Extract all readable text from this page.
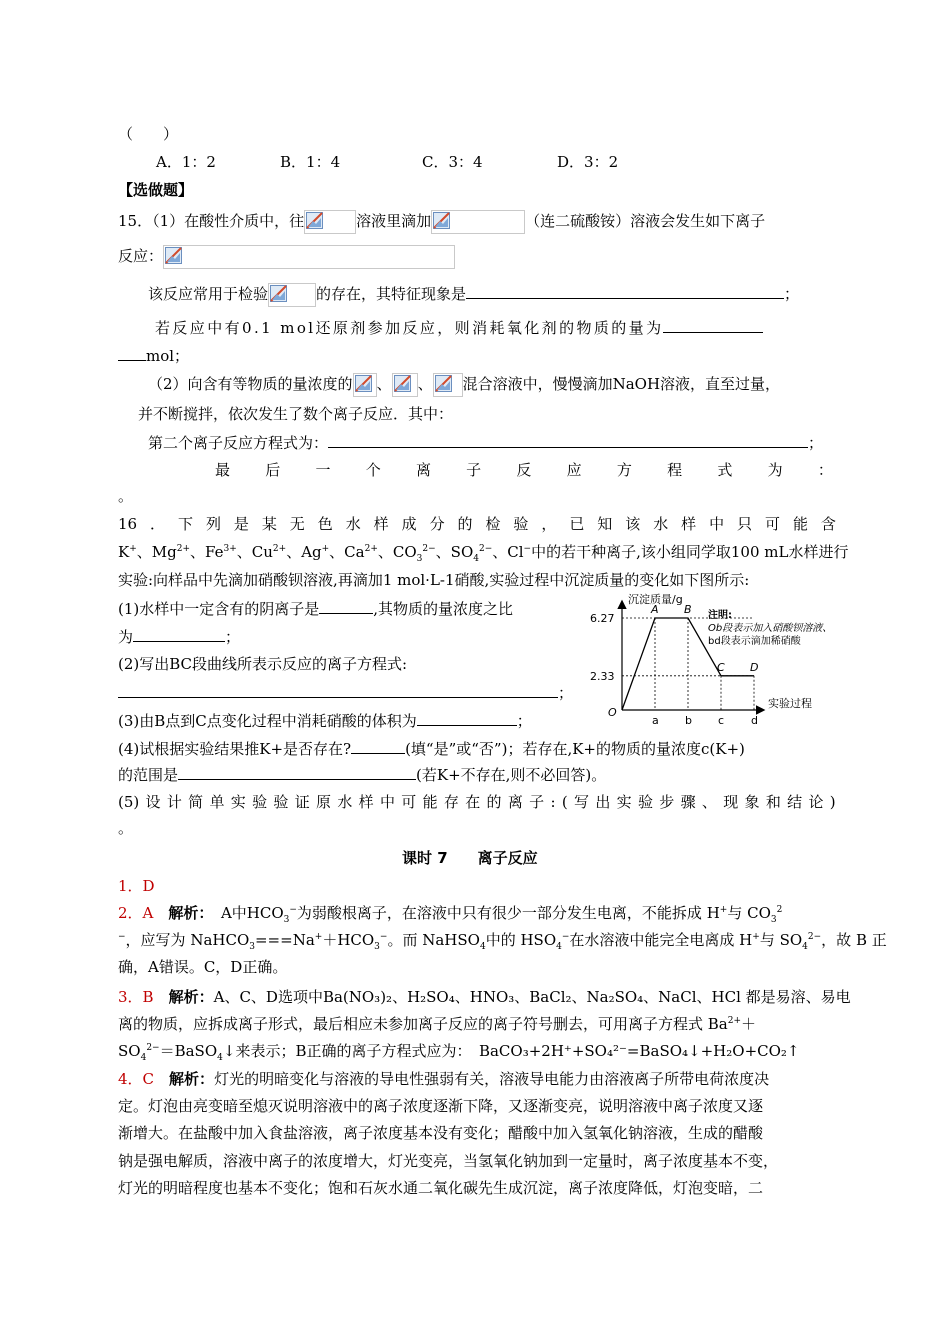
（　　）
A．1：2	B．1：4	C．3：4	D．3：2
【选做题】
15．（1）在酸性介质中，往	溶液里滴加	（连二硫酸铵）溶液会发生如下离子
反应：
该反应常用于检验	的存在，其特征现象是	；
若反应中有0.1 mol还原剂参加反应，则消耗氧化剂的物质的量为
mol；
（2）向含有等物质的量浓度的 、 、 混合溶液中，慢慢滴加NaOH溶液，直至过量，
并不断搅拌，依次发生了数个离子反应．其中：
第二个离子反应方程式为：	；
最 后 一 个 离 子 反 应 方 程 式 为 ：
。
16 ． 下 列 是 某 无 色 水 样 成 分 的 检 验 ， 已 知 该 水 样 中 只 可 能 含
K+、$Mg^{2+}$、$Fe^{3+}$、$Cu^{2+}$、Ag+、$Ca^{2+}$、$CO_3^{2-}$、$SO_4^{2-}$、Cl−中的若干种离子,该小组同学取100 mL水样进行
实验:向样品中先滴加硝酸钡溶液,再滴加1 mol·L-1硝酸,实验过程中沉淀质量的变化如下图所示:
(1)水样中一定含有的阴离子是	,其物质的量浓度之比
为	；
(2)写出BC段曲线所表示反应的离子方程式:
；
(3)由B点到C点变化过程中消耗硝酸的体积为	；
(4)试根据实验结果推K+是否存在?	(填“是”或“否”)；若存在,K+的物质的量浓度c(K+)
的范围是	(若K+不存在,则不必回答)。
(5) 设 计 简 单 实 验 验 证 原 水 样 中 可 能 存 在 的 离 子 : ( 写 出 实 验 步 骤 、 现 象 和 结 论 )
。
沉淀质量/g
实验过程
O
2.33
6.27
a b c d
A B
C D
注明:
Ob段表示加入硝酸钡溶液、
bd段表示滴加稀硝酸
课时 7　　离子反应
1．D
2．A　 解析：　 A中$HCO_3^-$为弱酸根离子，在溶液中只有很少一部分发生电离，不能拆成 H+与 $CO_3^2$
−，应写为 $NaHCO_3===Na^++HCO_3^-$。而 NaHSO$_4$中的 $HSO_4^-$在水溶液中能完全电离成 H+与 $SO_4^{2-}$，故 B 正
确，A错误。C，D正确。
3．B　 解析：A、C、D选项中Ba(NO₃)₂、H₂SO₄、HNO₃、BaCl₂、Na₂SO₄、NaCl、HCl 都是易溶、易电
离的物质，应拆成离子形式，最后相应未参加离子反应的离子符号删去，可用离子方程式 $Ba^{2+}+$
$SO_4^{2-}=BaSO_4↓$来表示；B正确的离子方程式应为：　BaCO₃+2H⁺+SO₄²⁻=BaSO₄↓+H₂O+CO₂↑
4．C　 解析：灯光的明暗变化与溶液的导电性强弱有关，溶液导电能力由溶液离子所带电荷浓度决
定。灯泡由亮变暗至熄灭说明溶液中的离子浓度逐渐下降，又逐渐变亮，说明溶液中离子浓度又逐
渐增大。在盐酸中加入食盐溶液，离子浓度基本没有变化；醋酸中加入氢氧化钠溶液，生成的醋酸
钠是强电解质，溶液中离子的浓度增大，灯光变亮，当氢氧化钠加到一定量时，离子浓度基本不变，
灯光的明暗程度也基本不变化；饱和石灰水通二氧化碳先生成沉淀，离子浓度降低，灯泡变暗，二
